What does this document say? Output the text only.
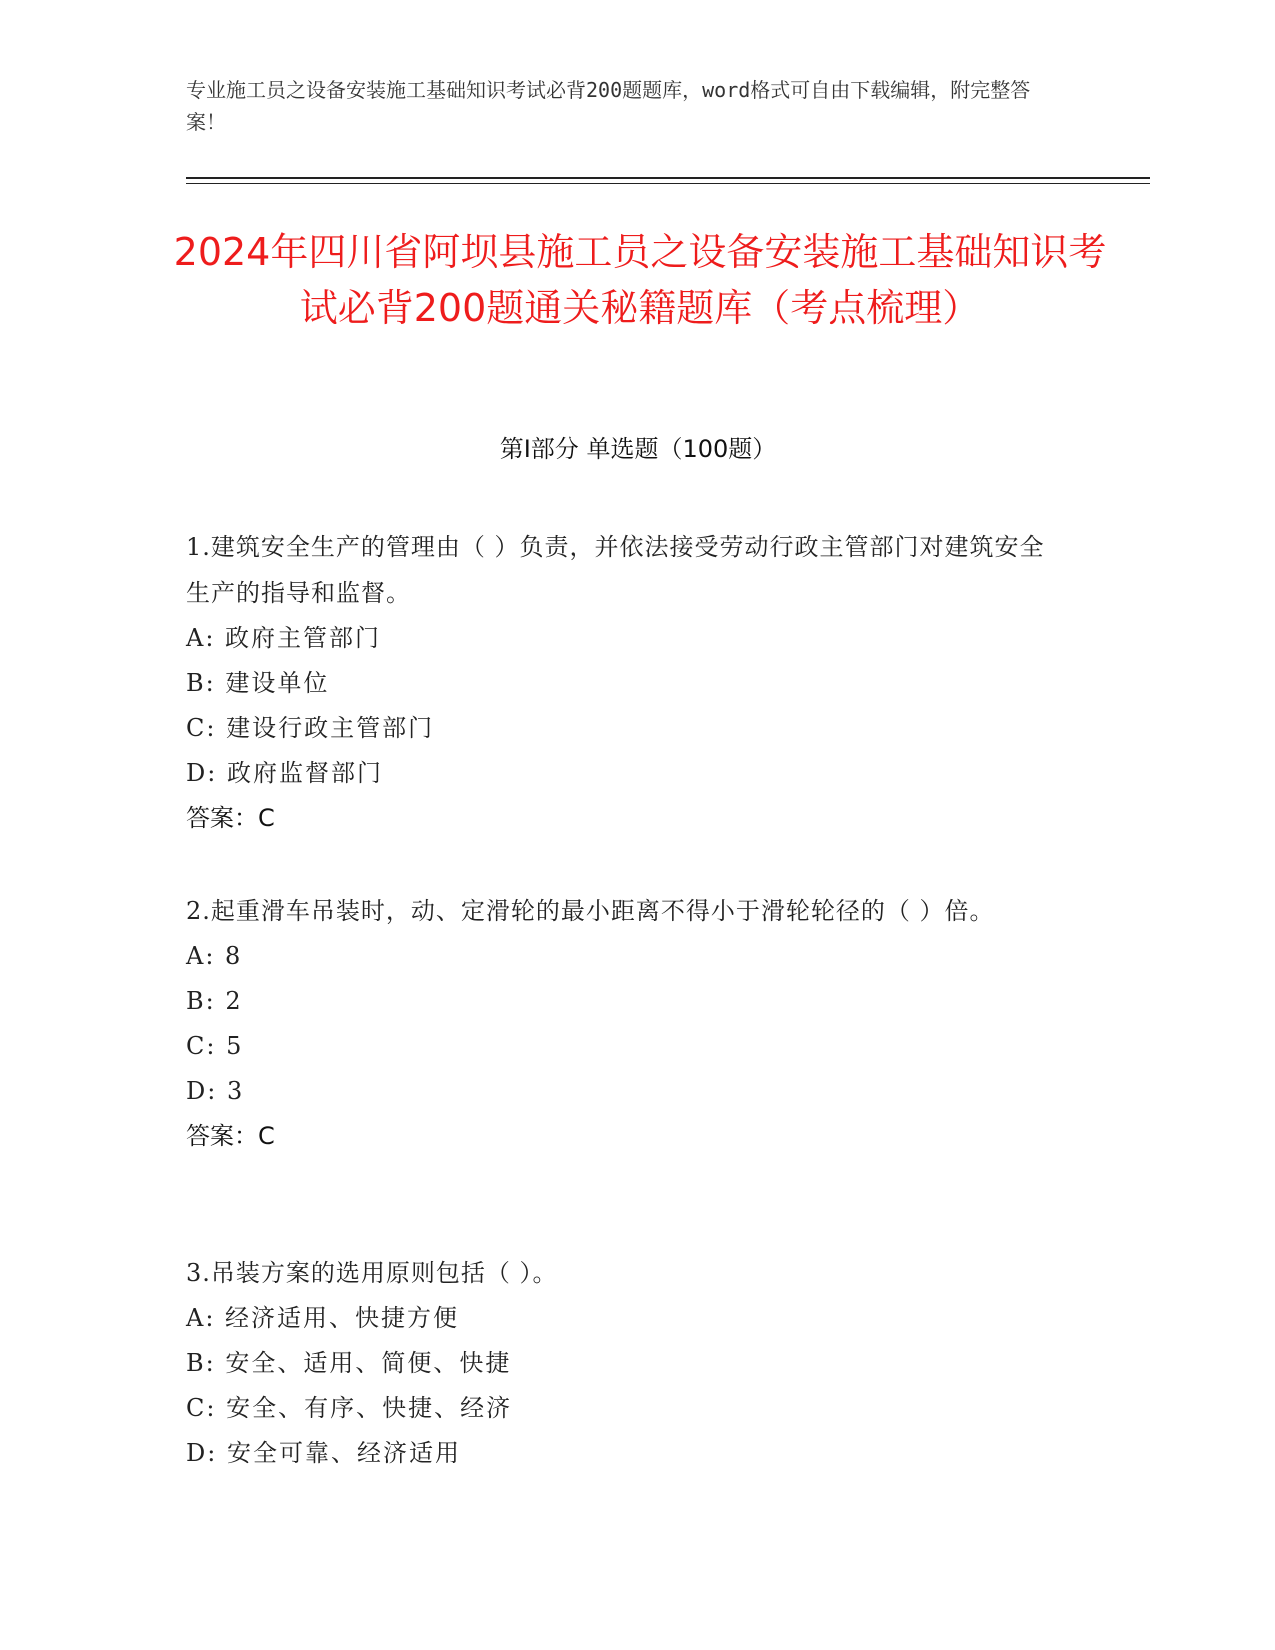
专业施工员之设备安装施工基础知识考试必背200题题库，word格式可自由下载编辑，附完整答案！
2024年四川省阿坝县施工员之设备安装施工基础知识考试必背200题通关秘籍题库（考点梳理）
第Ⅰ部分 单选题（100题）
1.建筑安全生产的管理由（ ）负责，并依法接受劳动行政主管部门对建筑安全生产的指导和监督。
A: 政府主管部门
B: 建设单位
C: 建设行政主管部门
D: 政府监督部门
答案：C
2.起重滑车吊装时，动、定滑轮的最小距离不得小于滑轮轮径的（ ）倍。
A: 8
B: 2
C: 5
D: 3
答案：C
3.吊装方案的选用原则包括（ ）。
A: 经济适用、快捷方便
B: 安全、适用、简便、快捷
C: 安全、有序、快捷、经济
D: 安全可靠、经济适用
